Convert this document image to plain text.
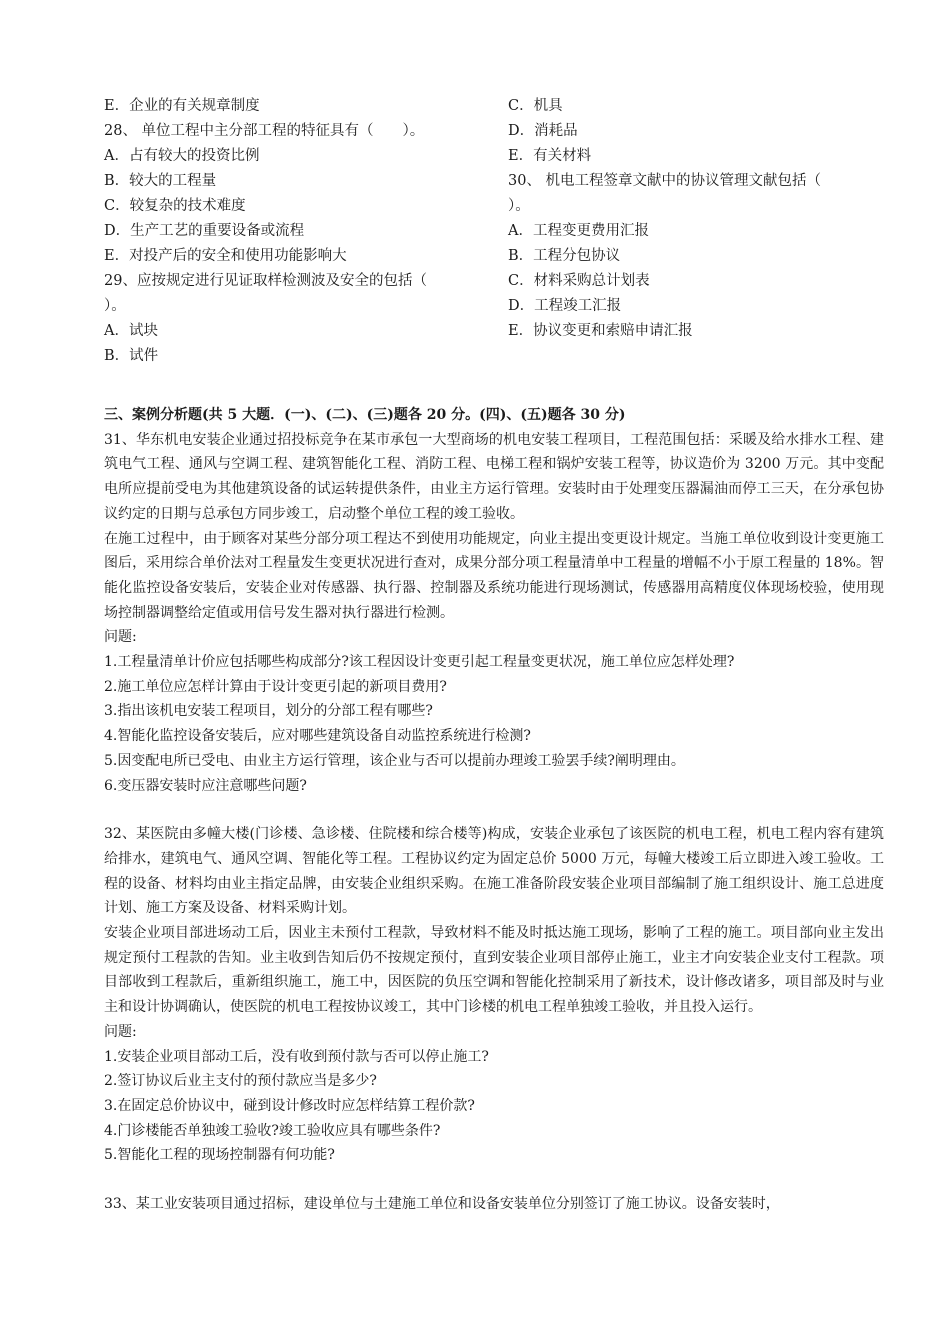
E．企业的有关规章制度
28、 单位工程中主分部工程的特征具有（　　）。
A．占有较大的投资比例
B．较大的工程量
C．较复杂的技术难度
D．生产工艺的重要设备或流程
E．对投产后的安全和使用功能影响大
29、应按规定进行见证取样检测波及安全的包括（
）。
A．试块
B．试件
C．机具
D．消耗品
E．有关材料
30、 机电工程签章文献中的协议管理文献包括（
）。
A．工程变更费用汇报
B．工程分包协议
C．材料采购总计划表
D．工程竣工汇报
E．协议变更和索赔申请汇报
三、案例分析题(共 5 大题．(一)、(二)、(三)题各 20 分。(四)、(五)题各 30 分)
31、华东机电安装企业通过招投标竞争在某市承包一大型商场的机电安装工程项目，工程范围包括：采暖及给水排水工程、建筑电气工程、通风与空调工程、建筑智能化工程、消防工程、电梯工程和锅炉安装工程等，协议造价为 3200 万元。其中变配电所应提前受电为其他建筑设备的试运转提供条件，由业主方运行管理。安装时由于处理变压器漏油而停工三天，在分承包协议约定的日期与总承包方同步竣工，启动整个单位工程的竣工验收。
在施工过程中，由于顾客对某些分部分项工程达不到使用功能规定，向业主提出变更设计规定。当施工单位收到设计变更施工图后，采用综合单价法对工程量发生变更状况进行查对，成果分部分项工程量清单中工程量的增幅不小于原工程量的 18%。智能化监控设备安装后，安装企业对传感器、执行器、控制器及系统功能进行现场测试，传感器用高精度仪体现场校验，使用现场控制器调整给定值或用信号发生器对执行器进行检测。
问题:
1.工程量清单计价应包括哪些构成部分?该工程因设计变更引起工程量变更状况，施工单位应怎样处理?
2.施工单位应怎样计算由于设计变更引起的新项目费用?
3.指出该机电安装工程项目，划分的分部工程有哪些?
4.智能化监控设备安装后，应对哪些建筑设备自动监控系统进行检测?
5.因变配电所已受电、由业主方运行管理，该企业与否可以提前办理竣工验罢手续?阐明理由。
6.变压器安装时应注意哪些问题?
32、某医院由多幢大楼(门诊楼、急诊楼、住院楼和综合楼等)构成，安装企业承包了该医院的机电工程，机电工程内容有建筑给排水，建筑电气、通风空调、智能化等工程。工程协议约定为固定总价 5000 万元，每幢大楼竣工后立即进入竣工验收。工程的设备、材料均由业主指定品牌，由安装企业组织采购。在施工准备阶段安装企业项目部编制了施工组织设计、施工总进度计划、施工方案及设备、材料采购计划。
安装企业项目部进场动工后，因业主未预付工程款，导致材料不能及时抵达施工现场，影响了工程的施工。项目部向业主发出规定预付工程款的告知。业主收到告知后仍不按规定预付，直到安装企业项目部停止施工，业主才向安装企业支付工程款。项目部收到工程款后，重新组织施工，施工中，因医院的负压空调和智能化控制采用了新技术，设计修改诸多，项目部及时与业主和设计协调确认，使医院的机电工程按协议竣工，其中门诊楼的机电工程单独竣工验收，并且投入运行。
问题:
1.安装企业项目部动工后，没有收到预付款与否可以停止施工?
2.签订协议后业主支付的预付款应当是多少?
3.在固定总价协议中，碰到设计修改时应怎样结算工程价款?
4.门诊楼能否单独竣工验收?竣工验收应具有哪些条件?
5.智能化工程的现场控制器有何功能?
33、某工业安装项目通过招标，建设单位与土建施工单位和设备安装单位分别签订了施工协议。设备安装时，
